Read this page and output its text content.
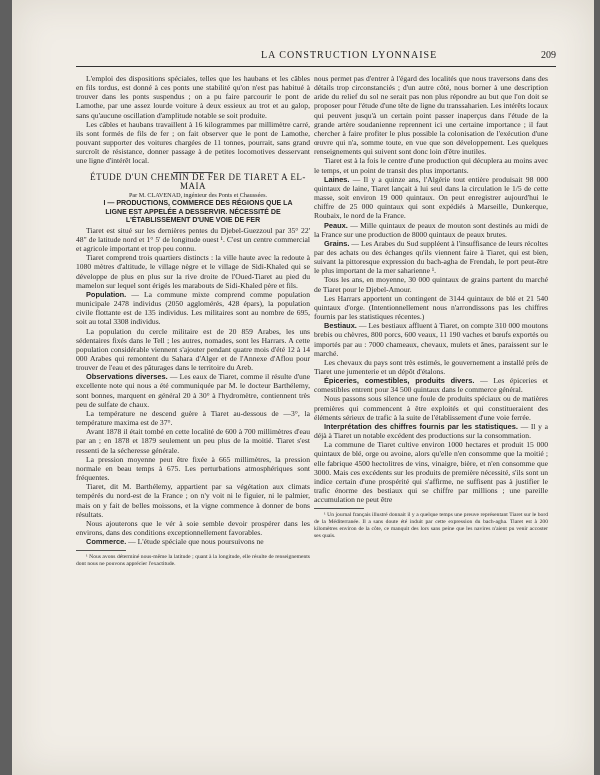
LA CONSTRUCTION LYONNAISE	209

L'emploi des dispositions spéciales, telles que les haubans et les câbles en fils tordus, est donné à ces ponts une stabilité qu'on n'est pas habitué à trouver dans les ponts suspendus ; on a pu faire parcourir le pont de Lamothe, par une assez lourde voiture à deux essieux au trot et au galop, sans qu'aucune oscillation d'amplitude notable se soit produite.

Les câbles et haubans travaillent à 16 kilogrammes par millimètre carré, ils sont formés de fils de fer ; on fait observer que le pont de Lamothe, pouvant supporter des voitures chargées de 11 tonnes, pourrait, sans grand surcroît de résistance, donner passage à de petites locomotives desservant une ligne d'intérêt local.

ÉTUDE D'UN CHEMIN DE FER DE TIARET A EL-MAIA

Par M. CLAVENAD, ingénieur des Ponts et Chaussées.

I — PRODUCTIONS, COMMERCE DES RÉGIONS QUE LA LIGNE EST APPELÉE A DESSERVIR. NÉCESSITÉ DE L'ÉTABLISSEMENT D'UNE VOIE DE FER

Tiaret est situé sur les dernières pentes du Djebel-Guezzoul par 35° 22' 48" de latitude nord et 1° 5' de longitude ouest ¹. C'est un centre commercial et agricole important et trop peu connu.

Tiaret comprend trois quartiers distincts : la ville haute avec la redoute à 1080 mètres d'altitude, le village nègre et le village de Sidi-Khaled qui se développe de plus en plus sur la rive droite de l'Oued-Tiaret au pied du mamelon sur lequel sont érigés les marabouts de Sidi-Khaled père et fils.

Population. — La commune mixte comprend comme population municipale 2478 individus (2050 agglomérés, 428 épars), la population civile flottante est de 135 individus. Les militaires sont au nombre de 695, soit au total 3308 individus.

La population du cercle militaire est de 20 859 Arabes, les uns sédentaires fixés dans le Tell ; les autres, nomades, sont les Harrars. A cette population considérable viennent s'ajouter pendant quatre mois d'été 12 à 14 000 Arabes qui remontent du Sahara d'Alger et de l'Annexe d'Aflou pour trouver de l'eau et des pâturages dans le territoire du Areb.

Observations diverses. — Les eaux de Tiaret, comme il résulte d'une excellente note qui nous a été communiquée par M. le docteur Barthélemy, sont bonnes, marquent en général 20 à 30° à l'hydromètre, contiennent très peu de sulfate de chaux.

La température ne descend guère à Tiaret au-dessous de —3°, la température maxima est de 37°.

Avant 1878 il était tombé en cette localité de 600 à 700 millimètres d'eau par an ; en 1878 et 1879 seulement un peu plus de la moitié. Tiaret s'est ressenti de la sécheresse générale.

La pression moyenne peut être fixée à 665 millimètres, la pression normale en beau temps à 675. Les perturbations atmosphériques sont fréquentes.

Tiaret, dit M. Barthélemy, appartient par sa végétation aux climats tempérés du nord-est de la France ; on n'y voit ni le figuier, ni le palmier, mais on y fait de belles moissons, et la vigne commence à donner de bons résultats.

Nous ajouterons que le vér à soie semble devoir prospérer dans les environs, dans des conditions exceptionnellement favorables.

Commerce. — L'étude spéciale que nous poursuivons ne

¹ Nous avons déterminé nous-même la latitude ; quant à la longitude, elle résulte de renseignements dont nous ne pouvons apprécier l'exactitude.

nous permet pas d'entrer à l'égard des localités que nous traversons dans des détails trop circonstanciés ; d'un autre côté, nous borner à une description aride du relief du sol ne serait pas non plus répondre au but que l'on doit se proposer pour l'étude d'une tête de ligne du transsaharien. Les intérêts locaux qui peuvent jusqu'à un certain point passer inaperçus dans l'étude de la grande artère soudanienne reprennent ici une certaine importance ; il faut chercher à faire profiter le plus possible la colonisation de l'exécution d'une œuvre qui n'a, somme toute, en vue que son développement. Les quelques renseignements qui suivent sont donc loin d'être inutiles.

Tiaret est à la fois le centre d'une production qui décuplera au moins avec le temps, et un point de transit des plus importants.

Laines. — Il y a quinze ans, l'Algérie tout entière produisait 98 000 quintaux de laine, Tiaret lançait à lui seul dans la circulation le 1/5 de cette masse, soit environ 19 000 quintaux. On peut enregistrer aujourd'hui le chiffre de 25 000 quintaux qui sont expédiés à Marseille, Dunkerque, Roubaix, le nord de la France.

Peaux. — Mille quintaux de peaux de mouton sont destinés au midi de la France sur une production de 8000 quintaux de peaux brutes.

Grains. — Les Arabes du Sud suppléent à l'insuffisance de leurs récoltes par des achats ou des échanges qu'ils viennent faire à Tiaret, qui est bien, suivant la pittoresque expression du bach-agha de Frendah, le port peut-être le plus important de la mer saharienne ¹.

Tous les ans, en moyenne, 30 000 quintaux de grains partent du marché de Tiaret pour le Djebel-Amour.

Les Harrars apportent un contingent de 3144 quintaux de blé et 21 540 quintaux d'orge. (Intentionnellement nous n'arrondissons pas les chiffres fournis par les statistiques récentes.)

Bestiaux. — Les bestiaux affluent à Tiaret, on compte 310 000 moutons brebis ou chèvres, 800 porcs, 600 veaux, 11 190 vaches et bœufs exportés ou importés par au : 7000 chameaux, chevaux, mulets et ânes, paraissent sur le marché.

Les chevaux du pays sont très estimés, le gouvernement a installé près de Tiaret une jumenterie et un dépôt d'étalons.

Épiceries, comestibles, produits divers. — Les épiceries et comestibles entrent pour 34 500 quintaux dans le commerce général.

Nous passons sous silence une foule de produits spéciaux ou de matières premières qui commencent à être exploités et qui constitueraient des éléments sérieux de trafic à la suite de l'établissement d'une voie ferrée.

Interprétation des chiffres fournis par les statistiques. — Il y a déjà à Tiaret un notable excédent des productions sur la consommation.

La commune de Tiaret cultive environ 1000 hectares et produit 15 000 quintaux de blé, orge ou avoine, alors qu'elle n'en consomme que la moitié ; elle fabrique 4500 hectolitres de vins, vinaigre, bière, et n'en consomme que 3000. Mais ces excédents sur les produits de première nécessité, s'ils sont un indice certain d'une prospérité qui s'affirme, ne suffisent pas à justifier le trafic énorme des bestiaux qui se chiffre par millions ; une pareille accumulation ne peut être

¹ Un journal français illustré donnait il y a quelque temps une preuve représentant Tiaret sur le bord de la Méditerranée. Il a sans doute été induit par cette expression du bach-agha. Tiaret est à 200 kilomètres environ de la côte, ce manquit des lors sans peine que les navires n'aient pu venir accoster ses quais.
